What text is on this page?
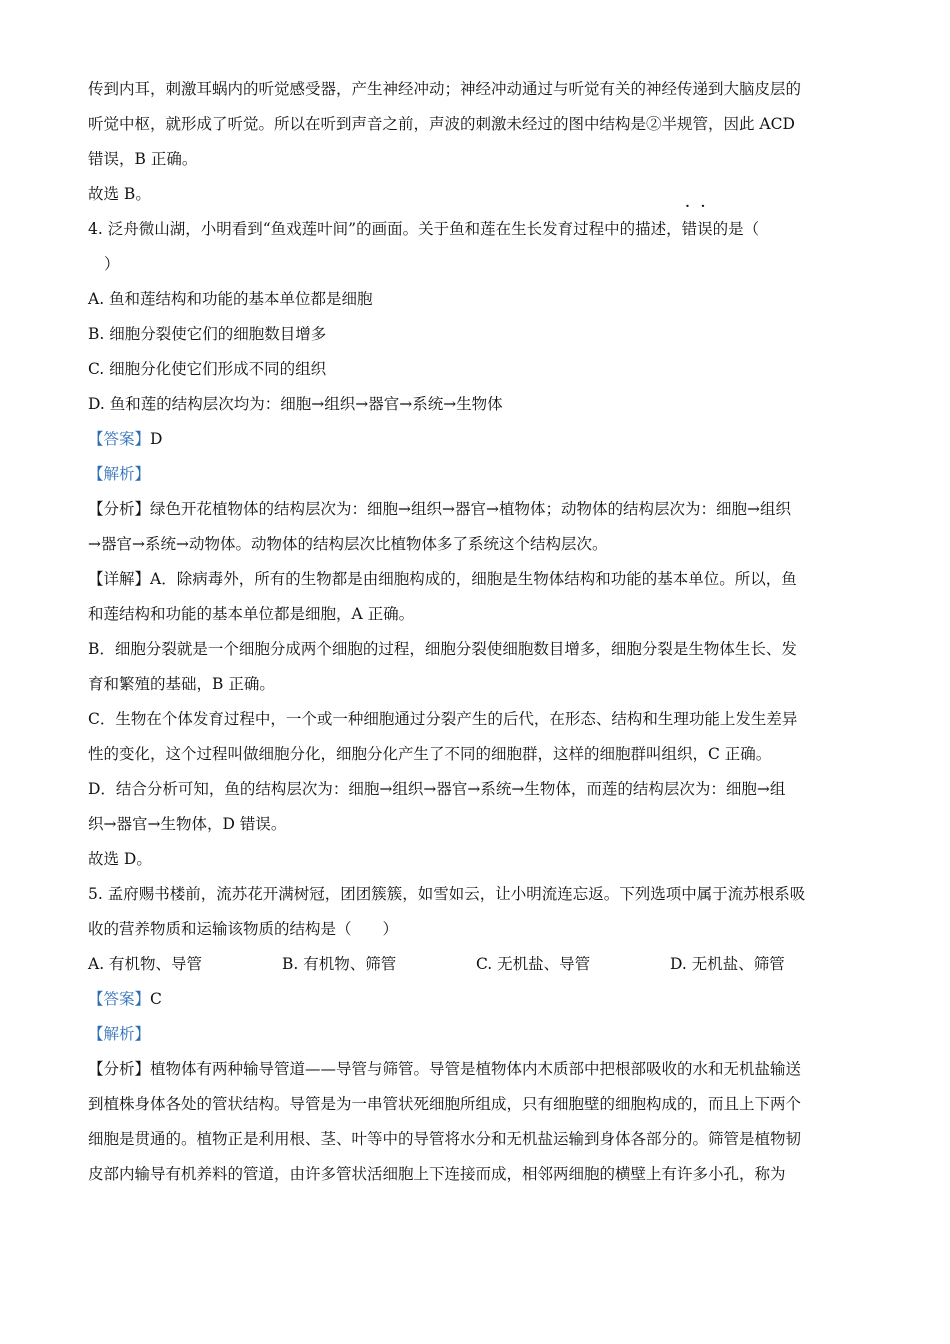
传到内耳，刺激耳蜗内的听觉感受器，产生神经冲动；神经冲动通过与听觉有关的神经传递到大脑皮层的

听觉中枢，就形成了听觉。所以在听到声音之前，声波的刺激未经过的图中结构是②半规管，因此 ACD

错误，B 正确。

故选 B。

4. 泛舟微山湖，小明看到“鱼戏莲叶间”的画面。关于鱼和莲在生长发育过程中的描述，错误的是（

）

A. 鱼和莲结构和功能的基本单位都是细胞

B. 细胞分裂使它们的细胞数目增多

C. 细胞分化使它们形成不同的组织

D. 鱼和莲的结构层次均为：细胞→组织→器官→系统→生物体

【答案】D

【解析】

【分析】绿色开花植物体的结构层次为：细胞→组织→器官→植物体；动物体的结构层次为：细胞→组织

→器官→系统→动物体。动物体的结构层次比植物体多了系统这个结构层次。

【详解】A．除病毒外，所有的生物都是由细胞构成的，细胞是生物体结构和功能的基本单位。所以，鱼

和莲结构和功能的基本单位都是细胞，A 正确。

B．细胞分裂就是一个细胞分成两个细胞的过程，细胞分裂使细胞数目增多，细胞分裂是生物体生长、发

育和繁殖的基础，B 正确。

C．生物在个体发育过程中，一个或一种细胞通过分裂产生的后代，在形态、结构和生理功能上发生差异

性的变化，这个过程叫做细胞分化，细胞分化产生了不同的细胞群，这样的细胞群叫组织，C 正确。

D．结合分析可知，鱼的结构层次为：细胞→组织→器官→系统→生物体，而莲的结构层次为：细胞→组

织→器官→生物体，D 错误。

故选 D。

5. 孟府赐书楼前，流苏花开满树冠，团团簇簇，如雪如云，让小明流连忘返。下列选项中属于流苏根系吸

收的营养物质和运输该物质的结构是（　　）

A. 有机物、导管	B. 有机物、筛管	C. 无机盐、导管	D. 无机盐、筛管

【答案】C

【解析】

【分析】植物体有两种输导管道——导管与筛管。导管是植物体内木质部中把根部吸收的水和无机盐输送

到植株身体各处的管状结构。导管是为一串管状死细胞所组成，只有细胞壁的细胞构成的，而且上下两个

细胞是贯通的。植物正是利用根、茎、叶等中的导管将水分和无机盐运输到身体各部分的。筛管是植物韧

皮部内输导有机养料的管道，由许多管状活细胞上下连接而成，相邻两细胞的横壁上有许多小孔，称为
